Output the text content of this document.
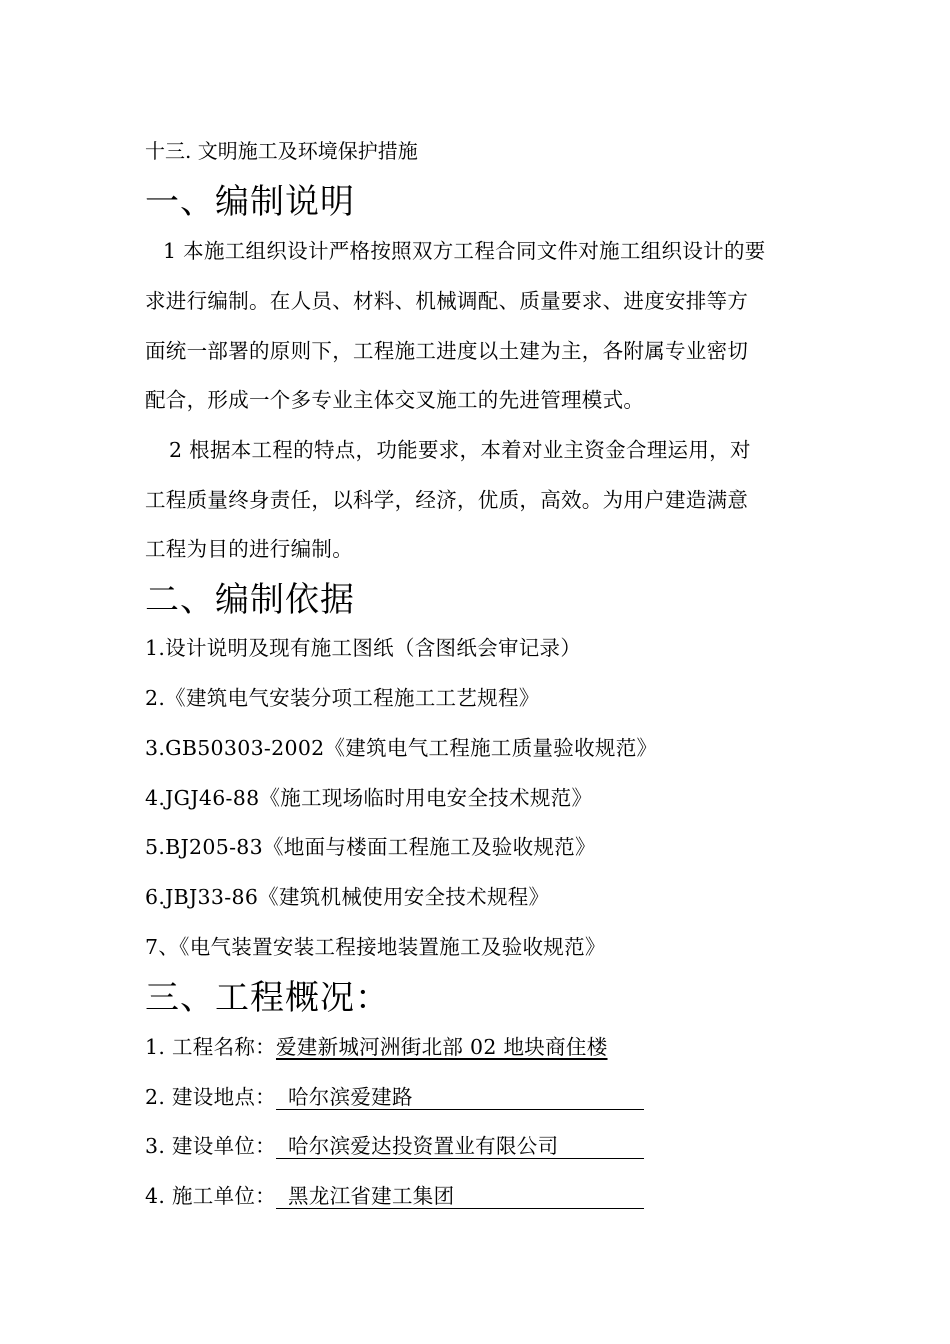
十三. 文明施工及环境保护措施
一、编制说明
1 本施工组织设计严格按照双方工程合同文件对施工组织设计的要
求进行编制。在人员、材料、机械调配、质量要求、进度安排等方
面统一部署的原则下，工程施工进度以土建为主，各附属专业密切
配合，形成一个多专业主体交叉施工的先进管理模式。
2 根据本工程的特点，功能要求，本着对业主资金合理运用，对
工程质量终身责任，以科学，经济，优质，高效。为用户建造满意
工程为目的进行编制。
二、编制依据
1.设计说明及现有施工图纸（含图纸会审记录）
2.《建筑电气安装分项工程施工工艺规程》
3.GB50303-2002《建筑电气工程施工质量验收规范》
4.JGJ46-88《施工现场临时用电安全技术规范》
5.BJ205-83《地面与楼面工程施工及验收规范》
6.JBJ33-86《建筑机械使用安全技术规程》
7、《电气装置安装工程接地装置施工及验收规范》
三、工程概况：
1. 工程名称：爱建新城河洲街北部 02 地块商住楼
2. 建设地点： 哈尔滨爱建路
3. 建设单位： 哈尔滨爱达投资置业有限公司
4. 施工单位： 黑龙江省建工集团
